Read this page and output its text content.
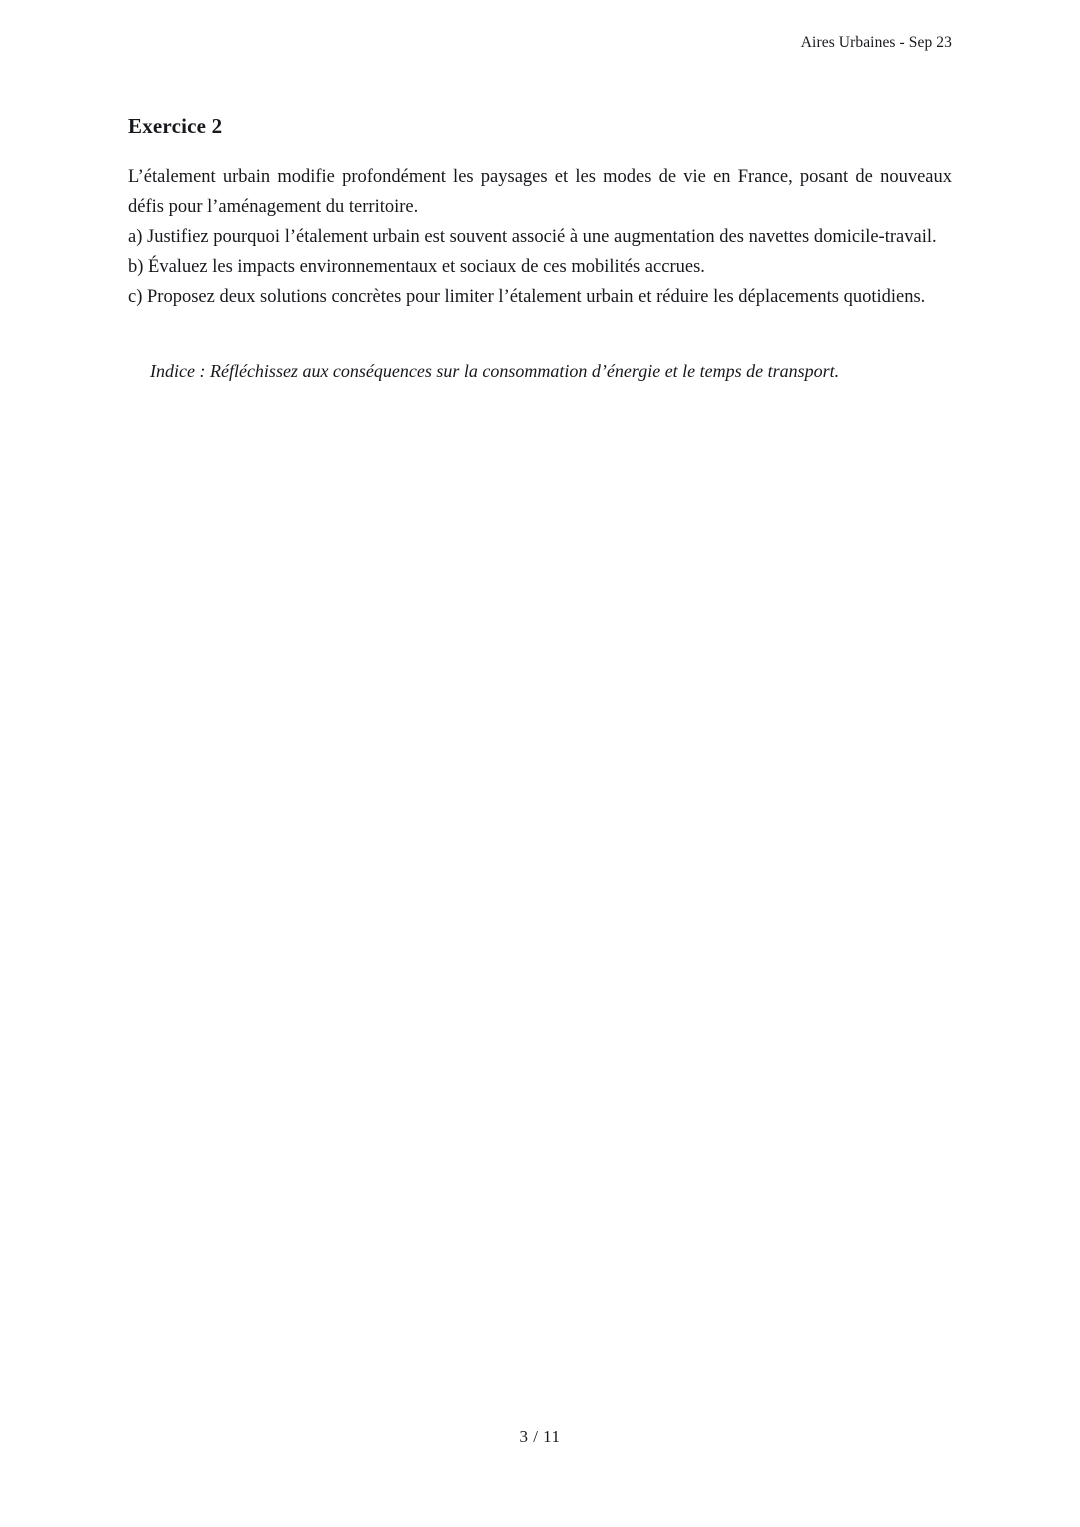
Aires Urbaines - Sep 23
Exercice 2
L’étalement urbain modifie profondément les paysages et les modes de vie en France, posant de nouveaux défis pour l’aménagement du territoire.
a) Justifiez pourquoi l’étalement urbain est souvent associé à une augmentation des navettes domicile-travail.
b) Évaluez les impacts environnementaux et sociaux de ces mobilités accrues.
c) Proposez deux solutions concrètes pour limiter l’étalement urbain et réduire les déplacements quotidiens.
Indice : Réfléchissez aux conséquences sur la consommation d’énergie et le temps de transport.
3 / 11
